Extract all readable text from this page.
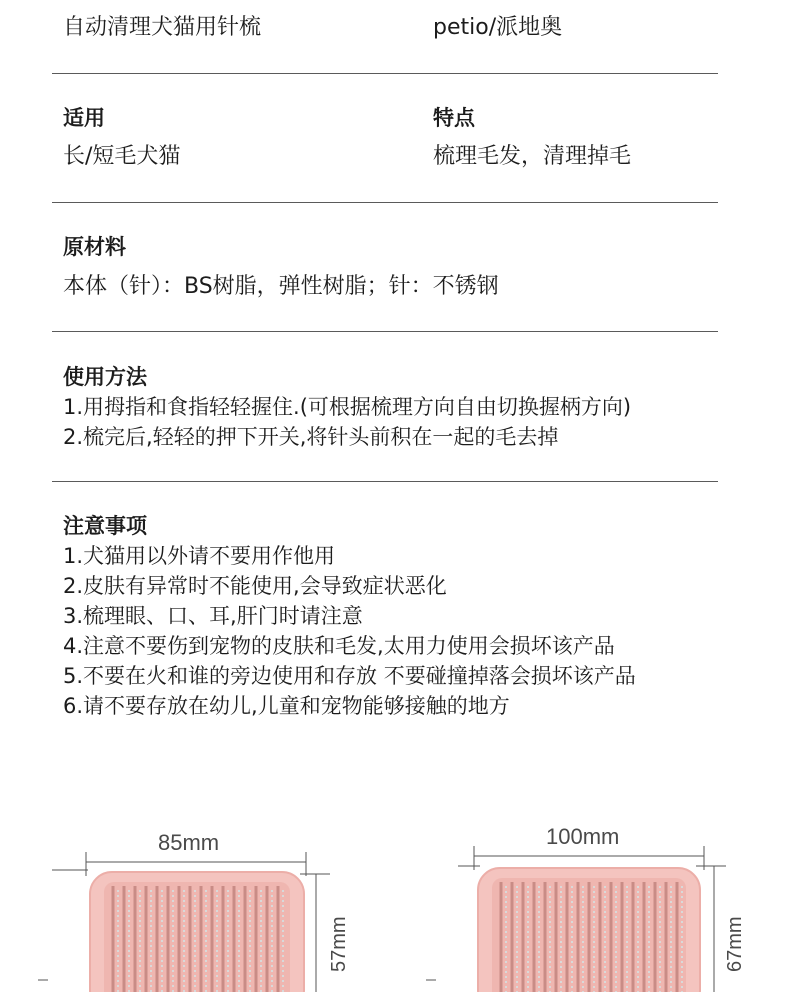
自动清理犬猫用针梳	petio/派地奥
适用
长/短毛犬猫
特点
梳理毛发，清理掉毛
原材料
本体（针）：BS树脂，弹性树脂；针：不锈钢
使用方法
1.用拇指和食指轻轻握住.(可根据梳理方向自由切换握柄方向)
2.梳完后,轻轻的押下开关,将针头前积在一起的毛去掉
注意事项
1.犬猫用以外请不要用作他用
2.皮肤有异常时不能使用,会导致症状恶化
3.梳理眼、口、耳,肝门时请注意
4.注意不要伤到宠物的皮肤和毛发,太用力使用会损坏该产品
5.不要在火和谁的旁边使用和存放 不要碰撞掉落会损坏该产品
6.请不要存放在幼儿,儿童和宠物能够接触的地方
85mm
57mm
100mm
67mm
